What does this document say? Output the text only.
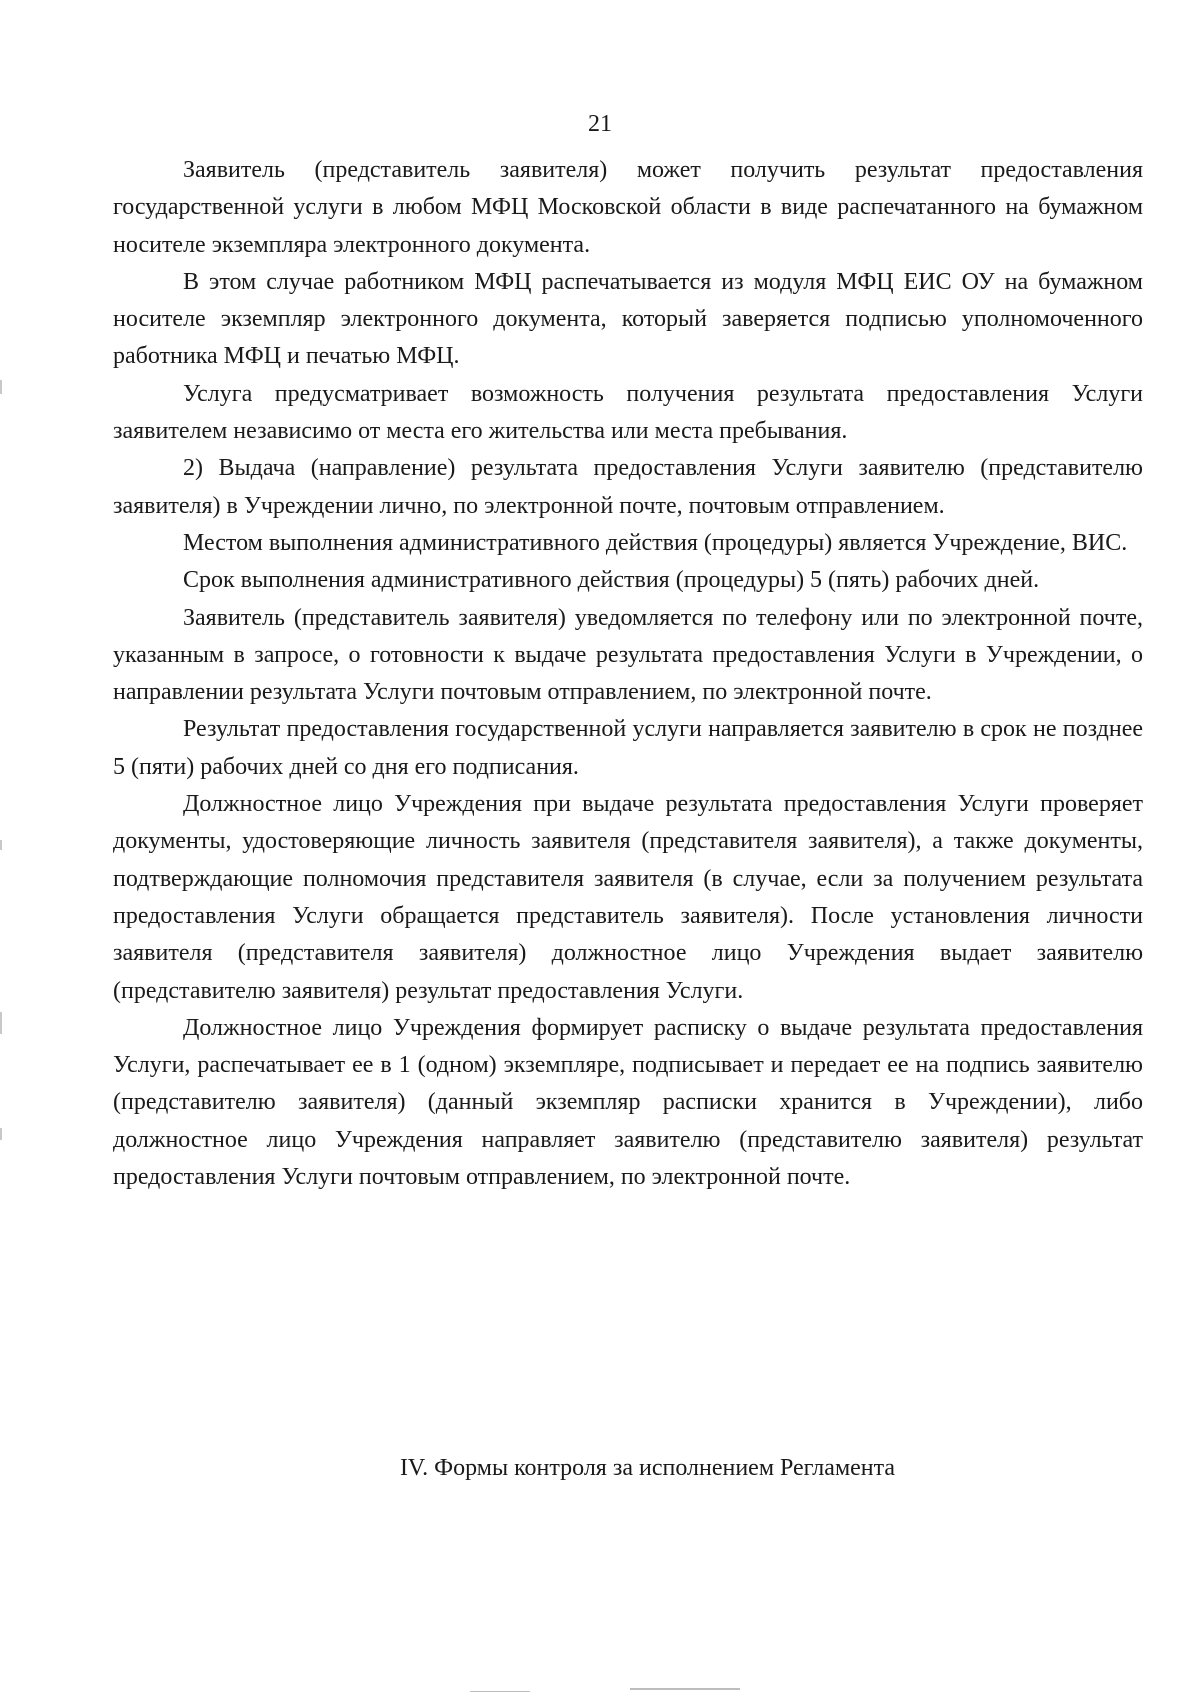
21

Заявитель (представитель заявителя) может получить результат предоставления государственной услуги в любом МФЦ Московской области в виде распечатанного на бумажном носителе экземпляра электронного документа.

В этом случае работником МФЦ распечатывается из модуля МФЦ ЕИС ОУ на бумажном носителе экземпляр электронного документа, который заверяется подписью уполномоченного работника МФЦ и печатью МФЦ.

Услуга предусматривает возможность получения результата предоставления Услуги заявителем независимо от места его жительства или места пребывания.

2) Выдача (направление) результата предоставления Услуги заявителю (представителю заявителя) в Учреждении лично, по электронной почте, почтовым отправлением.

Местом выполнения административного действия (процедуры) является Учреждение, ВИС.

Срок выполнения административного действия (процедуры) 5 (пять) рабочих дней.

Заявитель (представитель заявителя) уведомляется по телефону или по электронной почте, указанным в запросе, о готовности к выдаче результата предоставления Услуги в Учреждении, о направлении результата Услуги почтовым отправлением, по электронной почте.

Результат предоставления государственной услуги направляется заявителю в срок не позднее 5 (пяти) рабочих дней со дня его подписания.

Должностное лицо Учреждения при выдаче результата предоставления Услуги проверяет документы, удостоверяющие личность заявителя (представителя заявителя), а также документы, подтверждающие полномочия представителя заявителя (в случае, если за получением результата предоставления Услуги обращается представитель заявителя). После установления личности заявителя (представителя заявителя) должностное лицо Учреждения выдает заявителю (представителю заявителя) результат предоставления Услуги.

Должностное лицо Учреждения формирует расписку о выдаче результата предоставления Услуги, распечатывает ее в 1 (одном) экземпляре, подписывает и передает ее на подпись заявителю (представителю заявителя) (данный экземпляр расписки хранится в Учреждении), либо должностное лицо Учреждения направляет заявителю (представителю заявителя) результат предоставления Услуги почтовым отправлением, по электронной почте.

IV. Формы контроля за исполнением Регламента
